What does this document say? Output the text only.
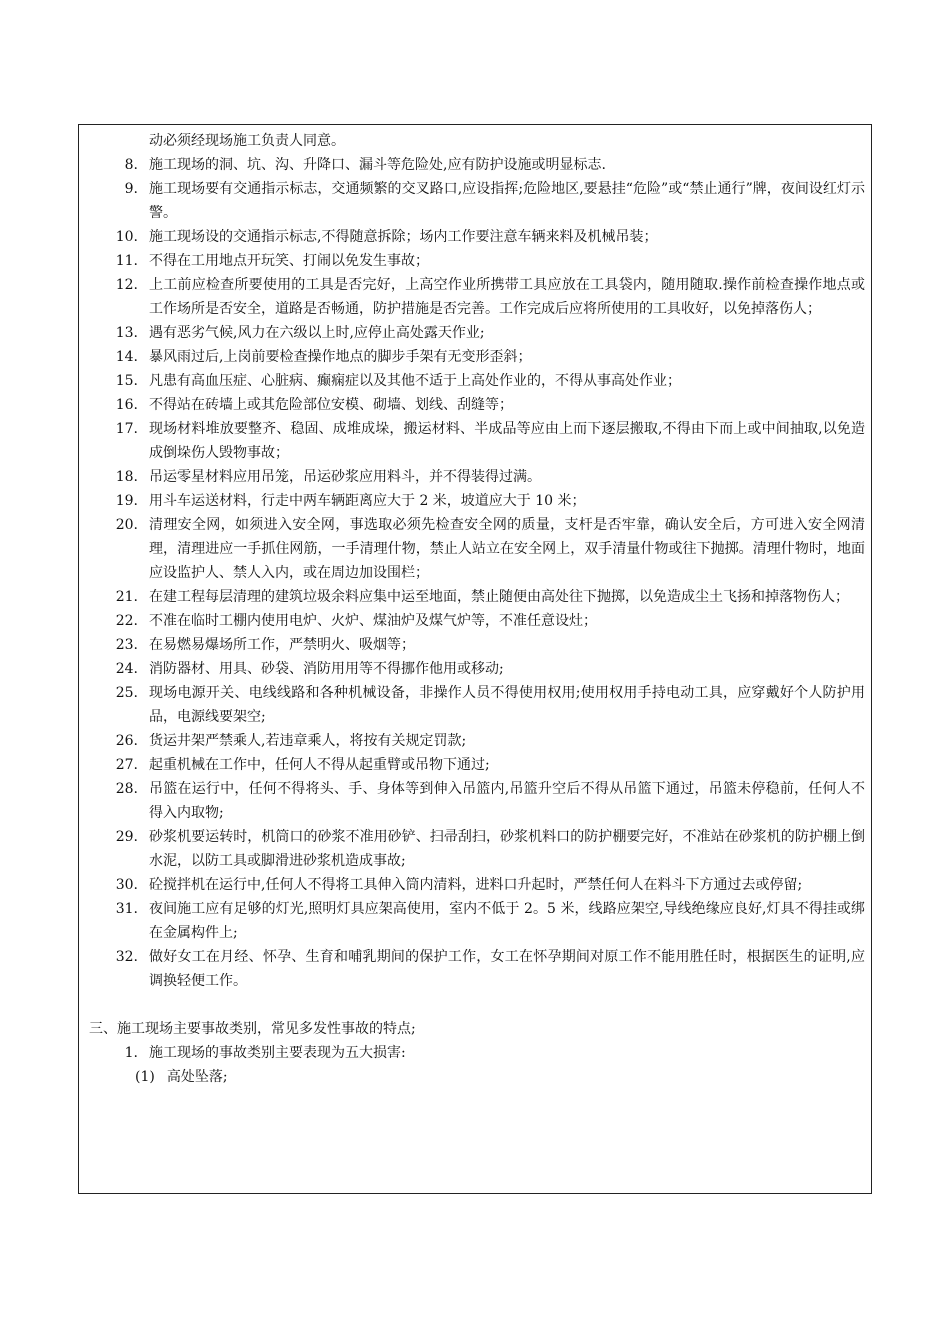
动必须经现场施工负责人同意。
8. 施工现场的洞、坑、沟、升降口、漏斗等危险处,应有防护设施或明显标志.
9. 施工现场要有交通指示标志，交通频繁的交叉路口,应设指挥;危险地区,要悬挂“危险”或“禁止通行”牌，夜间设红灯示警。
10. 施工现场设的交通指示标志,不得随意拆除；场内工作要注意车辆来料及机械吊装；
11. 不得在工用地点开玩笑、打闹以免发生事故；
12. 上工前应检查所要使用的工具是否完好，上高空作业所携带工具应放在工具袋内，随用随取.操作前检查操作地点或工作场所是否安全，道路是否畅通，防护措施是否完善。工作完成后应将所使用的工具收好，以免掉落伤人；
13. 遇有恶劣气候,风力在六级以上时,应停止高处露天作业;
14. 暴风雨过后,上岗前要检查操作地点的脚步手架有无变形歪斜；
15. 凡患有高血压症、心脏病、癫痫症以及其他不适于上高处作业的，不得从事高处作业；
16. 不得站在砖墙上或其危险部位安模、砌墙、划线、刮缝等；
17. 现场材料堆放要整齐、稳固、成堆成垛，搬运材料、半成品等应由上而下逐层搬取,不得由下而上或中间抽取,以免造成倒垛伤人毁物事故；
18. 吊运零星材料应用吊笼，吊运砂浆应用料斗，并不得装得过满。
19. 用斗车运送材料，行走中两车辆距离应大于 2 米，坡道应大于 10 米；
20. 清理安全网，如须进入安全网，事选取必须先检查安全网的质量，支杆是否牢靠，确认安全后，方可进入安全网清理，清理进应一手抓住网筋，一手清理什物，禁止人站立在安全网上，双手清量什物或往下抛掷。清理什物时，地面应设监护人、禁人入内，或在周边加设围栏；
21. 在建工程每层清理的建筑垃圾余料应集中运至地面，禁止随便由高处往下抛掷，以免造成尘土飞扬和掉落物伤人；
22. 不准在临时工棚内使用电炉、火炉、煤油炉及煤气炉等，不准任意设灶；
23. 在易燃易爆场所工作，严禁明火、吸烟等；
24. 消防器材、用具、砂袋、消防用用等不得挪作他用或移动;
25. 现场电源开关、电线线路和各种机械设备，非操作人员不得使用权用;使用权用手持电动工具，应穿戴好个人防护用品，电源线要架空;
26. 货运井架严禁乘人,若违章乘人，将按有关规定罚款;
27. 起重机械在工作中，任何人不得从起重臂或吊物下通过;
28. 吊篮在运行中，任何不得将头、手、身体等到伸入吊篮内,吊篮升空后不得从吊篮下通过，吊篮未停稳前，任何人不得入内取物;
29. 砂浆机要运转时，机筒口的砂浆不准用砂铲、扫帚刮扫，砂浆机料口的防护棚要完好，不准站在砂浆机的防护棚上倒水泥，以防工具或脚滑进砂浆机造成事故;
30. 砼搅拌机在运行中,任何人不得将工具伸入筒内清料，进料口升起时，严禁任何人在料斗下方通过去或停留;
31. 夜间施工应有足够的灯光,照明灯具应架高使用，室内不低于 2。5 米，线路应架空,导线绝缘应良好,灯具不得挂或绑在金属构件上;
32. 做好女工在月经、怀孕、生育和哺乳期间的保护工作，女工在怀孕期间对原工作不能用胜任时，根据医生的证明,应调换轻便工作。
三、施工现场主要事故类别，常见多发性事故的特点;
1. 施工现场的事故类别主要表现为五大损害:
(1) 高处坠落;
